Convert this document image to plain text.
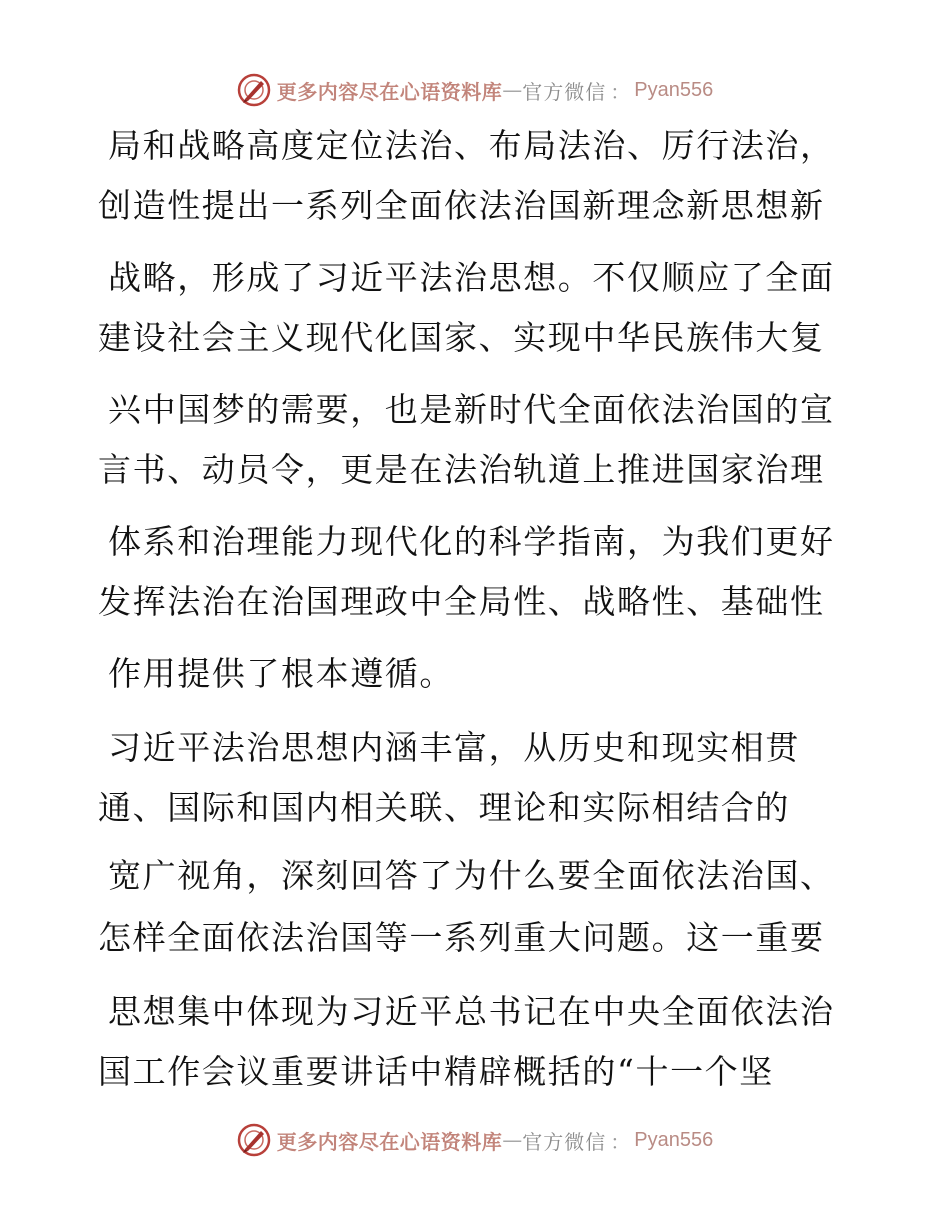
更多内容尽在心语资料库 — 官方微信 ： Pyan556
局和战略高度定位法治、布局法治、厉行法治，
创造性提出一系列全面依法治国新理念新思想新
战略，形成了习近平法治思想。不仅顺应了全面
建设社会主义现代化国家、实现中华民族伟大复
兴中国梦的需要，也是新时代全面依法治国的宣
言书、动员令，更是在法治轨道上推进国家治理
体系和治理能力现代化的科学指南，为我们更好
发挥法治在治国理政中全局性、战略性、基础性
作用提供了根本遵循。
习近平法治思想内涵丰富，从历史和现实相贯
通、国际和国内相关联、理论和实际相结合的
宽广视角，深刻回答了为什么要全面依法治国、
怎样全面依法治国等一系列重大问题。这一重要
思想集中体现为习近平总书记在中央全面依法治
国工作会议重要讲话中精辟概括的“十一个坚
更多内容尽在心语资料库 — 官方微信 ： Pyan556
